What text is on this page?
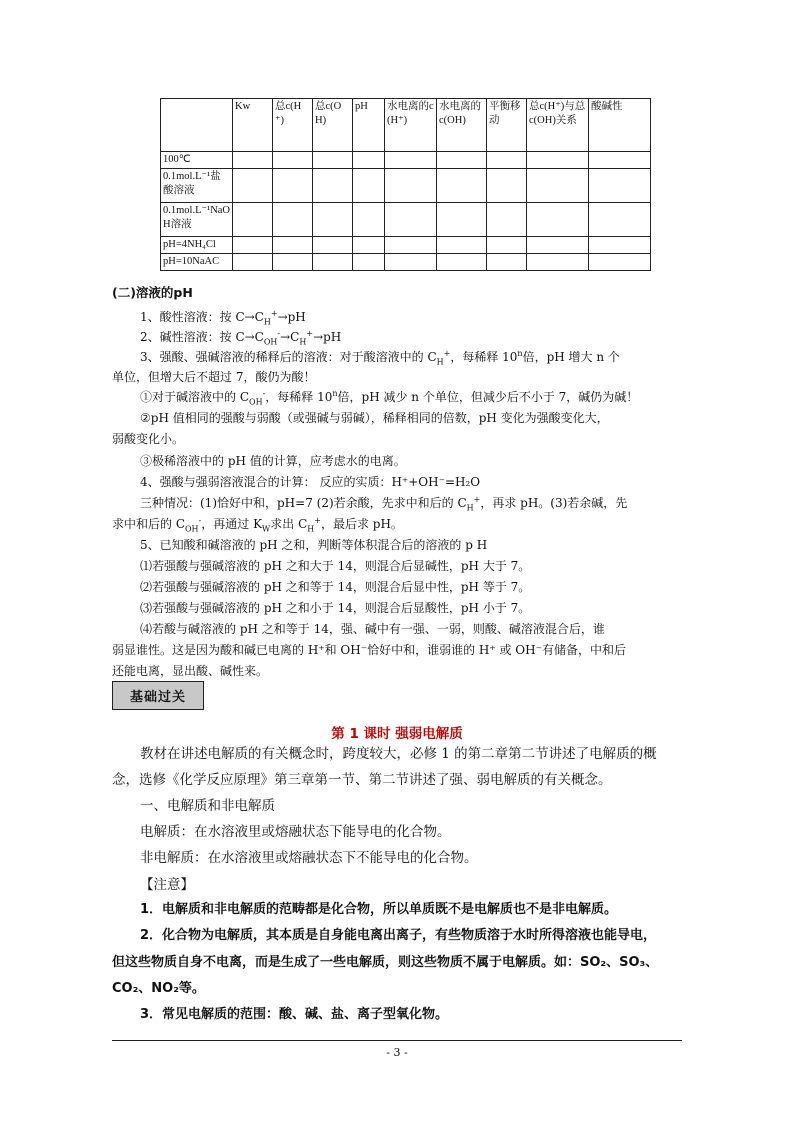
	Kw	总c(H⁺)	总c(OH)	pH	水电离的c(H⁺)	水电离的c(OH)	平衡移动	总c(H⁺)与总c(OH)关系	酸碱性
100℃									
0.1mol.L⁻¹盐酸溶液									
0.1mol.L⁻¹NaOH溶液									
pH=4NH₄Cl									
pH=10NaAC									
(二)溶液的pH
1、酸性溶液：按 $C\to C_H^+\to pH$
2、碱性溶液：按 $C\to C_{OH}^-\to C_H^+\to pH$
3、强酸、强碱溶液的稀释后的溶液：对于酸溶液中的 $C_H^+$，每稀释 10$^n$倍，pH 增大 n 个
单位，但增大后不超过 7，酸仍为酸！
①对于碱溶液中的 $C_{OH}^-$，每稀释 10$^n$倍，pH 减少 n 个单位，但减少后不小于 7，碱仍为碱！
②pH 值相同的强酸与弱酸（或强碱与弱碱），稀释相同的倍数，pH 变化为强酸变化大，
弱酸变化小。
③极稀溶液中的 pH 值的计算，应考虑水的电离。
4、强酸与强弱溶液混合的计算： 反应的实质：H⁺+OH⁻=H₂O
三种情况：(1)恰好中和，pH=7 (2)若余酸，先求中和后的 $C_H^+$，再求 pH。(3)若余碱，先
求中和后的 $C_{OH}^-$，再通过 $K_W$求出 $C_H^+$，最后求 pH。
5、已知酸和碱溶液的 pH 之和，判断等体积混合后的溶液的 p H
⑴若强酸与强碱溶液的 pH 之和大于 14，则混合后显碱性，pH 大于 7。
⑵若强酸与强碱溶液的 pH 之和等于 14，则混合后显中性，pH 等于 7。
⑶若强酸与强碱溶液的 pH 之和小于 14，则混合后显酸性，pH 小于 7。
⑷若酸与碱溶液的 pH 之和等于 14，强、碱中有一强、一弱，则酸、碱溶液混合后，谁
弱显谁性。这是因为酸和碱已电离的 H⁺和 OH⁻恰好中和，谁弱谁的 H⁺ 或 OH⁻有储备，中和后
还能电离，显出酸、碱性来。
基础过关
第 1 课时 强弱电解质
教材在讲述电解质的有关概念时，跨度较大，必修 1 的第二章第二节讲述了电解质的概
念，选修《化学反应原理》第三章第一节、第二节讲述了强、弱电解质的有关概念。
一、电解质和非电解质
电解质：在水溶液里或熔融状态下能导电的化合物。
非电解质：在水溶液里或熔融状态下不能导电的化合物。
【注意】
1．电解质和非电解质的范畴都是化合物，所以单质既不是电解质也不是非电解质。
2．化合物为电解质，其本质是自身能电离出离子，有些物质溶于水时所得溶液也能导电，
但这些物质自身不电离，而是生成了一些电解质，则这些物质不属于电解质。如：SO₂、SO₃、
CO₂、NO₂等。
3．常见电解质的范围：酸、碱、盐、离子型氧化物。
- 3 -
